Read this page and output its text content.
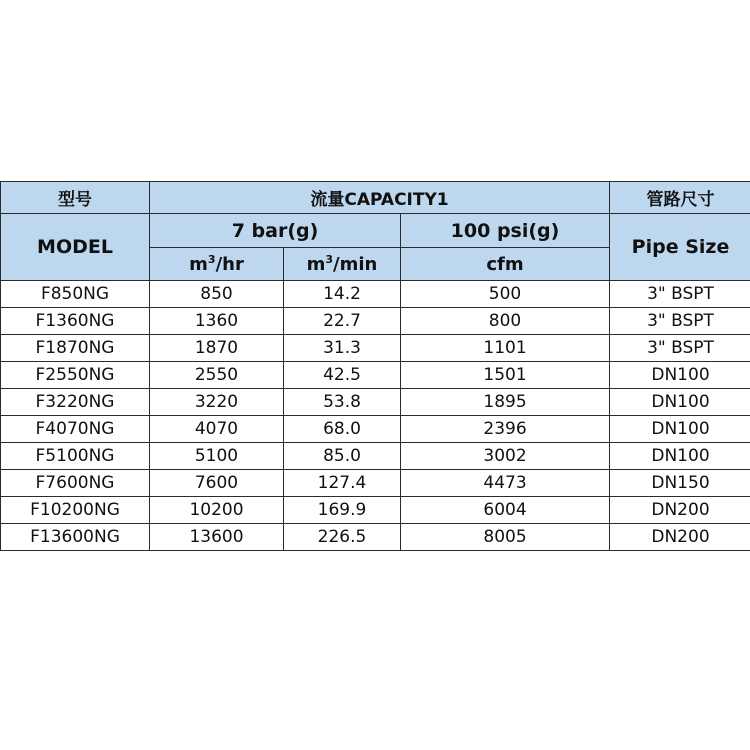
型号	流量CAPACITY1			管路尺寸
MODEL	7 bar(g)		100 psi(g)	Pipe Size
	$m^3/hr$	$m^3/\min$	cfm	
F850NG	850	14.2	500	3" BSPT
F1360NG	1360	22.7	800	3" BSPT
F1870NG	1870	31.3	1101	3" BSPT
F2550NG	2550	42.5	1501	DN100
F3220NG	3220	53.8	1895	DN100
F4070NG	4070	68.0	2396	DN100
F5100NG	5100	85.0	3002	DN100
F7600NG	7600	127.4	4473	DN150
F10200NG	10200	169.9	6004	DN200
F13600NG	13600	226.5	8005	DN200
